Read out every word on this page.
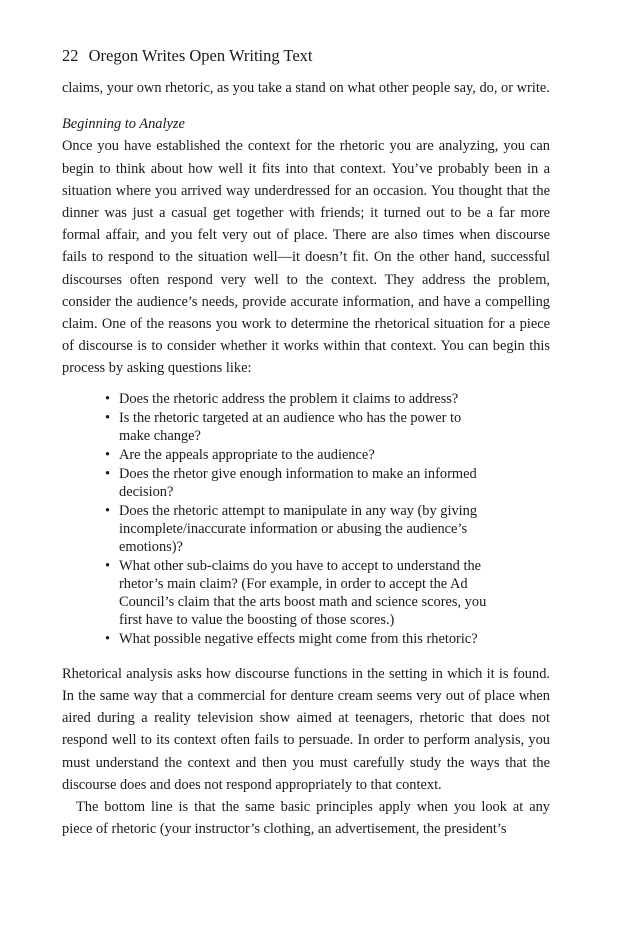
22 Oregon Writes Open Writing Text

claims, your own rhetoric, as you take a stand on what other people say, do, or write.

Beginning to Analyze

Once you have established the context for the rhetoric you are analyzing, you can begin to think about how well it fits into that context. You’ve probably been in a situation where you arrived way underdressed for an occasion. You thought that the dinner was just a casual get together with friends; it turned out to be a far more formal affair, and you felt very out of place. There are also times when discourse fails to respond to the situation well—it doesn’t fit. On the other hand, successful discourses often respond very well to the context. They address the problem, consider the audience’s needs, provide accurate information, and have a compelling claim. One of the reasons you work to determine the rhetorical situation for a piece of discourse is to consider whether it works within that context. You can begin this process by asking questions like:

• Does the rhetoric address the problem it claims to address?
• Is the rhetoric targeted at an audience who has the power to make change?
• Are the appeals appropriate to the audience?
• Does the rhetor give enough information to make an informed decision?
• Does the rhetoric attempt to manipulate in any way (by giving incomplete/inaccurate information or abusing the audience’s emotions)?
• What other sub-claims do you have to accept to understand the rhetor’s main claim? (For example, in order to accept the Ad Council’s claim that the arts boost math and science scores, you first have to value the boosting of those scores.)
• What possible negative effects might come from this rhetoric?

Rhetorical analysis asks how discourse functions in the setting in which it is found. In the same way that a commercial for denture cream seems very out of place when aired during a reality television show aimed at teenagers, rhetoric that does not respond well to its context often fails to persuade. In order to perform analysis, you must understand the context and then you must carefully study the ways that the discourse does and does not respond appropriately to that context.

The bottom line is that the same basic principles apply when you look at any piece of rhetoric (your instructor’s clothing, an advertisement, the president’s
